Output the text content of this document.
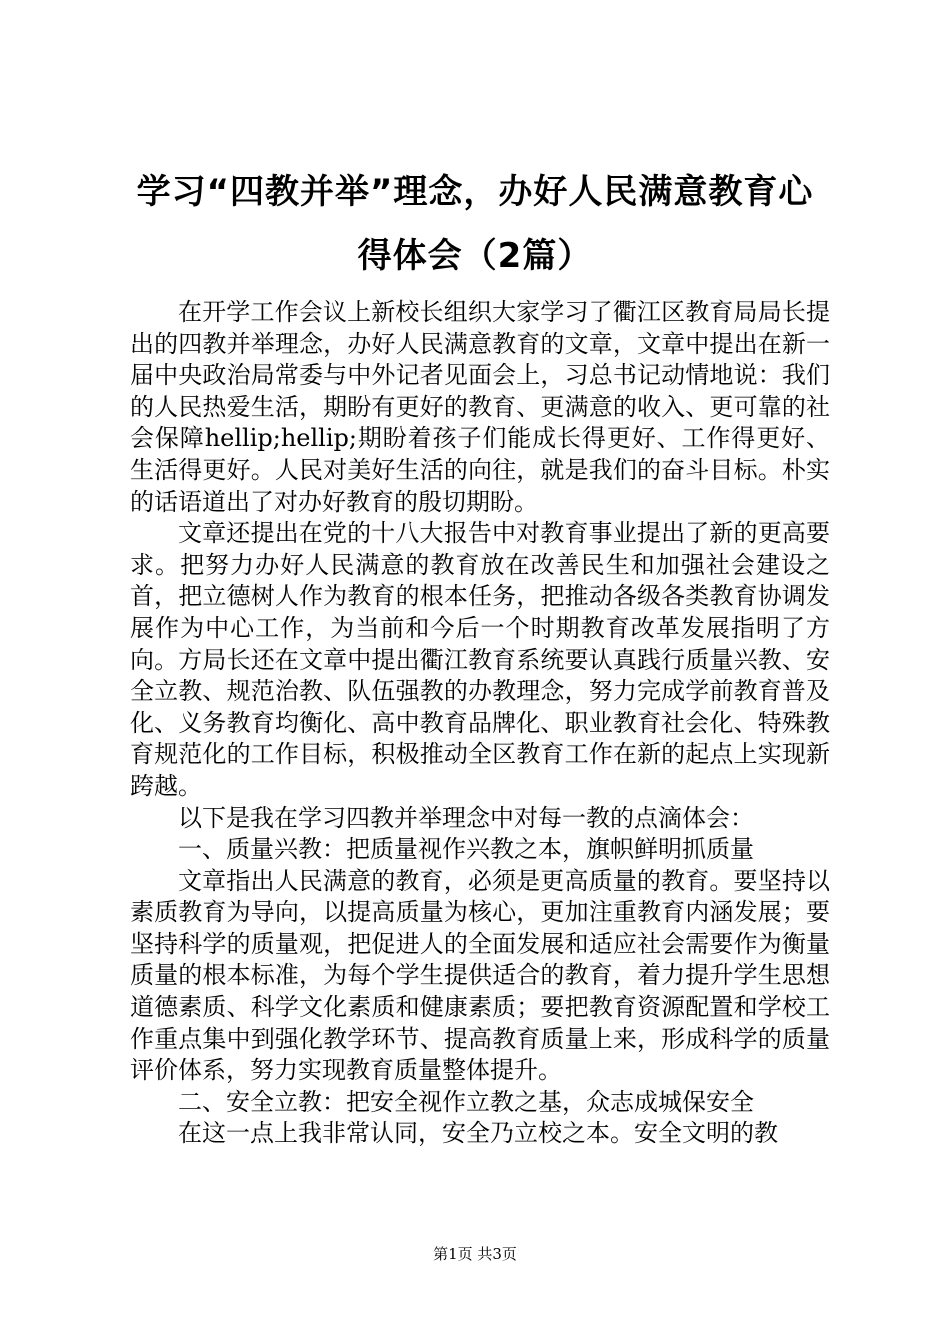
学习“四教并举”理念，办好人民满意教育心得体会（2篇）

在开学工作会议上新校长组织大家学习了衢江区教育局局长提出的四教并举理念，办好人民满意教育的文章，文章中提出在新一届中央政治局常委与中外记者见面会上，习总书记动情地说：我们的人民热爱生活，期盼有更好的教育、更满意的收入、更可靠的社会保障hellip;hellip;期盼着孩子们能成长得更好、工作得更好、生活得更好。人民对美好生活的向往，就是我们的奋斗目标。朴实的话语道出了对办好教育的殷切期盼。

文章还提出在党的十八大报告中对教育事业提出了新的更高要求。把努力办好人民满意的教育放在改善民生和加强社会建设之首，把立德树人作为教育的根本任务，把推动各级各类教育协调发展作为中心工作，为当前和今后一个时期教育改革发展指明了方向。方局长还在文章中提出衢江教育系统要认真践行质量兴教、安全立教、规范治教、队伍强教的办教理念，努力完成学前教育普及化、义务教育均衡化、高中教育品牌化、职业教育社会化、特殊教育规范化的工作目标，积极推动全区教育工作在新的起点上实现新跨越。

以下是我在学习四教并举理念中对每一教的点滴体会：

一、质量兴教：把质量视作兴教之本，旗帜鲜明抓质量

文章指出人民满意的教育，必须是更高质量的教育。要坚持以素质教育为导向，以提高质量为核心，更加注重教育内涵发展；要坚持科学的质量观，把促进人的全面发展和适应社会需要作为衡量质量的根本标准，为每个学生提供适合的教育，着力提升学生思想道德素质、科学文化素质和健康素质；要把教育资源配置和学校工作重点集中到强化教学环节、提高教育质量上来，形成科学的质量评价体系，努力实现教育质量整体提升。

二、安全立教：把安全视作立教之基，众志成城保安全

在这一点上我非常认同，安全乃立校之本。安全文明的教

第1页 共3页
